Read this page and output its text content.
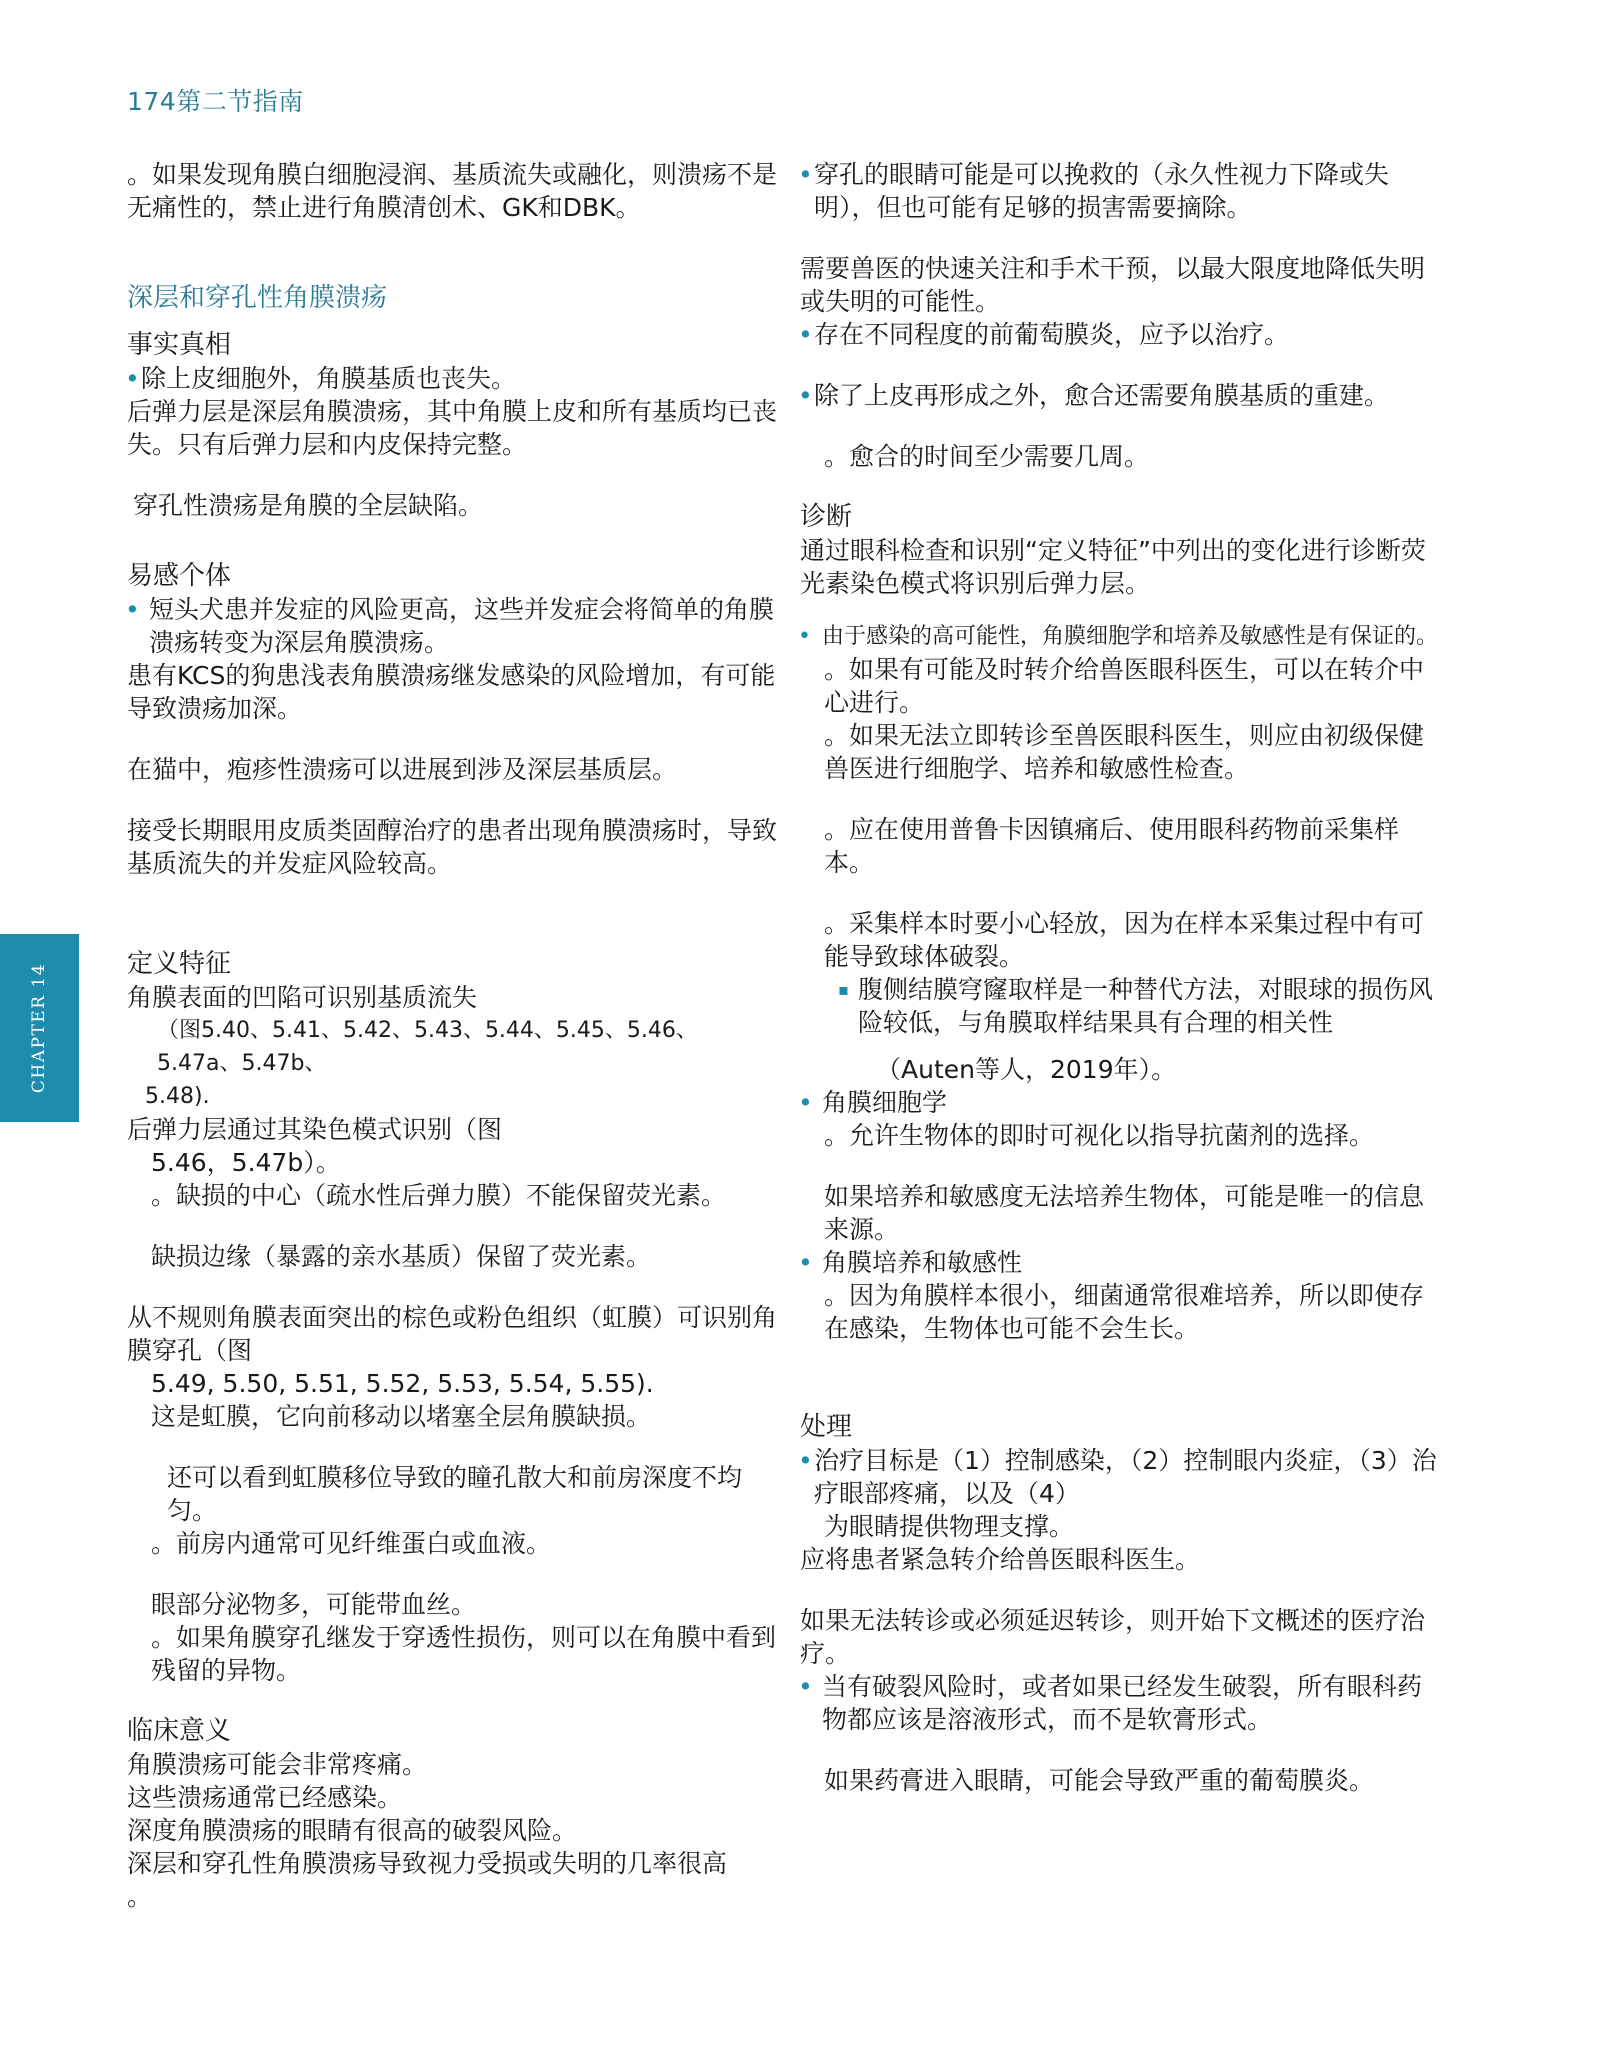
174第二节指南
CHAPTER 14

。如果发现角膜白细胞浸润、基质流失或融化，则溃疡不是无痛性的，禁止进行角膜清创术、GK和DBK。

深层和穿孔性角膜溃疡

事实真相

• 除上皮细胞外，角膜基质也丧失。

后弹力层是深层角膜溃疡，其中角膜上皮和所有基质均已丧失。只有后弹力层和内皮保持完整。

穿孔性溃疡是角膜的全层缺陷。

易感个体

• 短头犬患并发症的风险更高，这些并发症会将简单的角膜溃疡转变为深层角膜溃疡。

患有KCS的狗患浅表角膜溃疡继发感染的风险增加，有可能导致溃疡加深。

在猫中，疱疹性溃疡可以进展到涉及深层基质层。

接受长期眼用皮质类固醇治疗的患者出现角膜溃疡时，导致基质流失的并发症风险较高。

定义特征

角膜表面的凹陷可识别基质流失

（图5.40、5.41、5.42、5.43、5.44、5.45、5.46、5.47a、5.47b、

5.48).

后弹力层通过其染色模式识别（图

5.46，5.47b）。

。缺损的中心（疏水性后弹力膜）不能保留荧光素。

缺损边缘（暴露的亲水基质）保留了荧光素。

从不规则角膜表面突出的棕色或粉色组织（虹膜）可识别角膜穿孔（图

5.49, 5.50, 5.51, 5.52, 5.53, 5.54, 5.55).

这是虹膜，它向前移动以堵塞全层角膜缺损。

还可以看到虹膜移位导致的瞳孔散大和前房深度不均匀。

。前房内通常可见纤维蛋白或血液。

眼部分泌物多，可能带血丝。

。如果角膜穿孔继发于穿透性损伤，则可以在角膜中看到残留的异物。

临床意义

角膜溃疡可能会非常疼痛。

这些溃疡通常已经感染。

深度角膜溃疡的眼睛有很高的破裂风险。

深层和穿孔性角膜溃疡导致视力受损或失明的几率很高

。

• 穿孔的眼睛可能是可以挽救的（永久性视力下降或失明），但也可能有足够的损害需要摘除。

需要兽医的快速关注和手术干预，以最大限度地降低失明或失明的可能性。

• 存在不同程度的前葡萄膜炎，应予以治疗。

• 除了上皮再形成之外，愈合还需要角膜基质的重建。

。愈合的时间至少需要几周。

诊断

通过眼科检查和识别“定义特征”中列出的变化进行诊断荧光素染色模式将识别后弹力层。

• 由于感染的高可能性，角膜细胞学和培养及敏感性是有保证的。

。如果有可能及时转介给兽医眼科医生，可以在转介中心进行。

。如果无法立即转诊至兽医眼科医生，则应由初级保健兽医进行细胞学、培养和敏感性检查。

。应在使用普鲁卡因镇痛后、使用眼科药物前采集样本。

。采集样本时要小心轻放，因为在样本采集过程中有可能导致球体破裂。

▪ 腹侧结膜穹窿取样是一种替代方法，对眼球的损伤风险较低，与角膜取样结果具有合理的相关性

（Auten等人，2019年）。

• 角膜细胞学

。允许生物体的即时可视化以指导抗菌剂的选择。

如果培养和敏感度无法培养生物体，可能是唯一的信息来源。

• 角膜培养和敏感性

。因为角膜样本很小，细菌通常很难培养，所以即使存在感染，生物体也可能不会生长。

处理

• 治疗目标是（1）控制感染，（2）控制眼内炎症，（3）治疗眼部疼痛，以及（4）

为眼睛提供物理支撑。

应将患者紧急转介给兽医眼科医生。

如果无法转诊或必须延迟转诊，则开始下文概述的医疗治疗。

• 当有破裂风险时，或者如果已经发生破裂，所有眼科药物都应该是溶液形式，而不是软膏形式。

如果药膏进入眼睛，可能会导致严重的葡萄膜炎。
